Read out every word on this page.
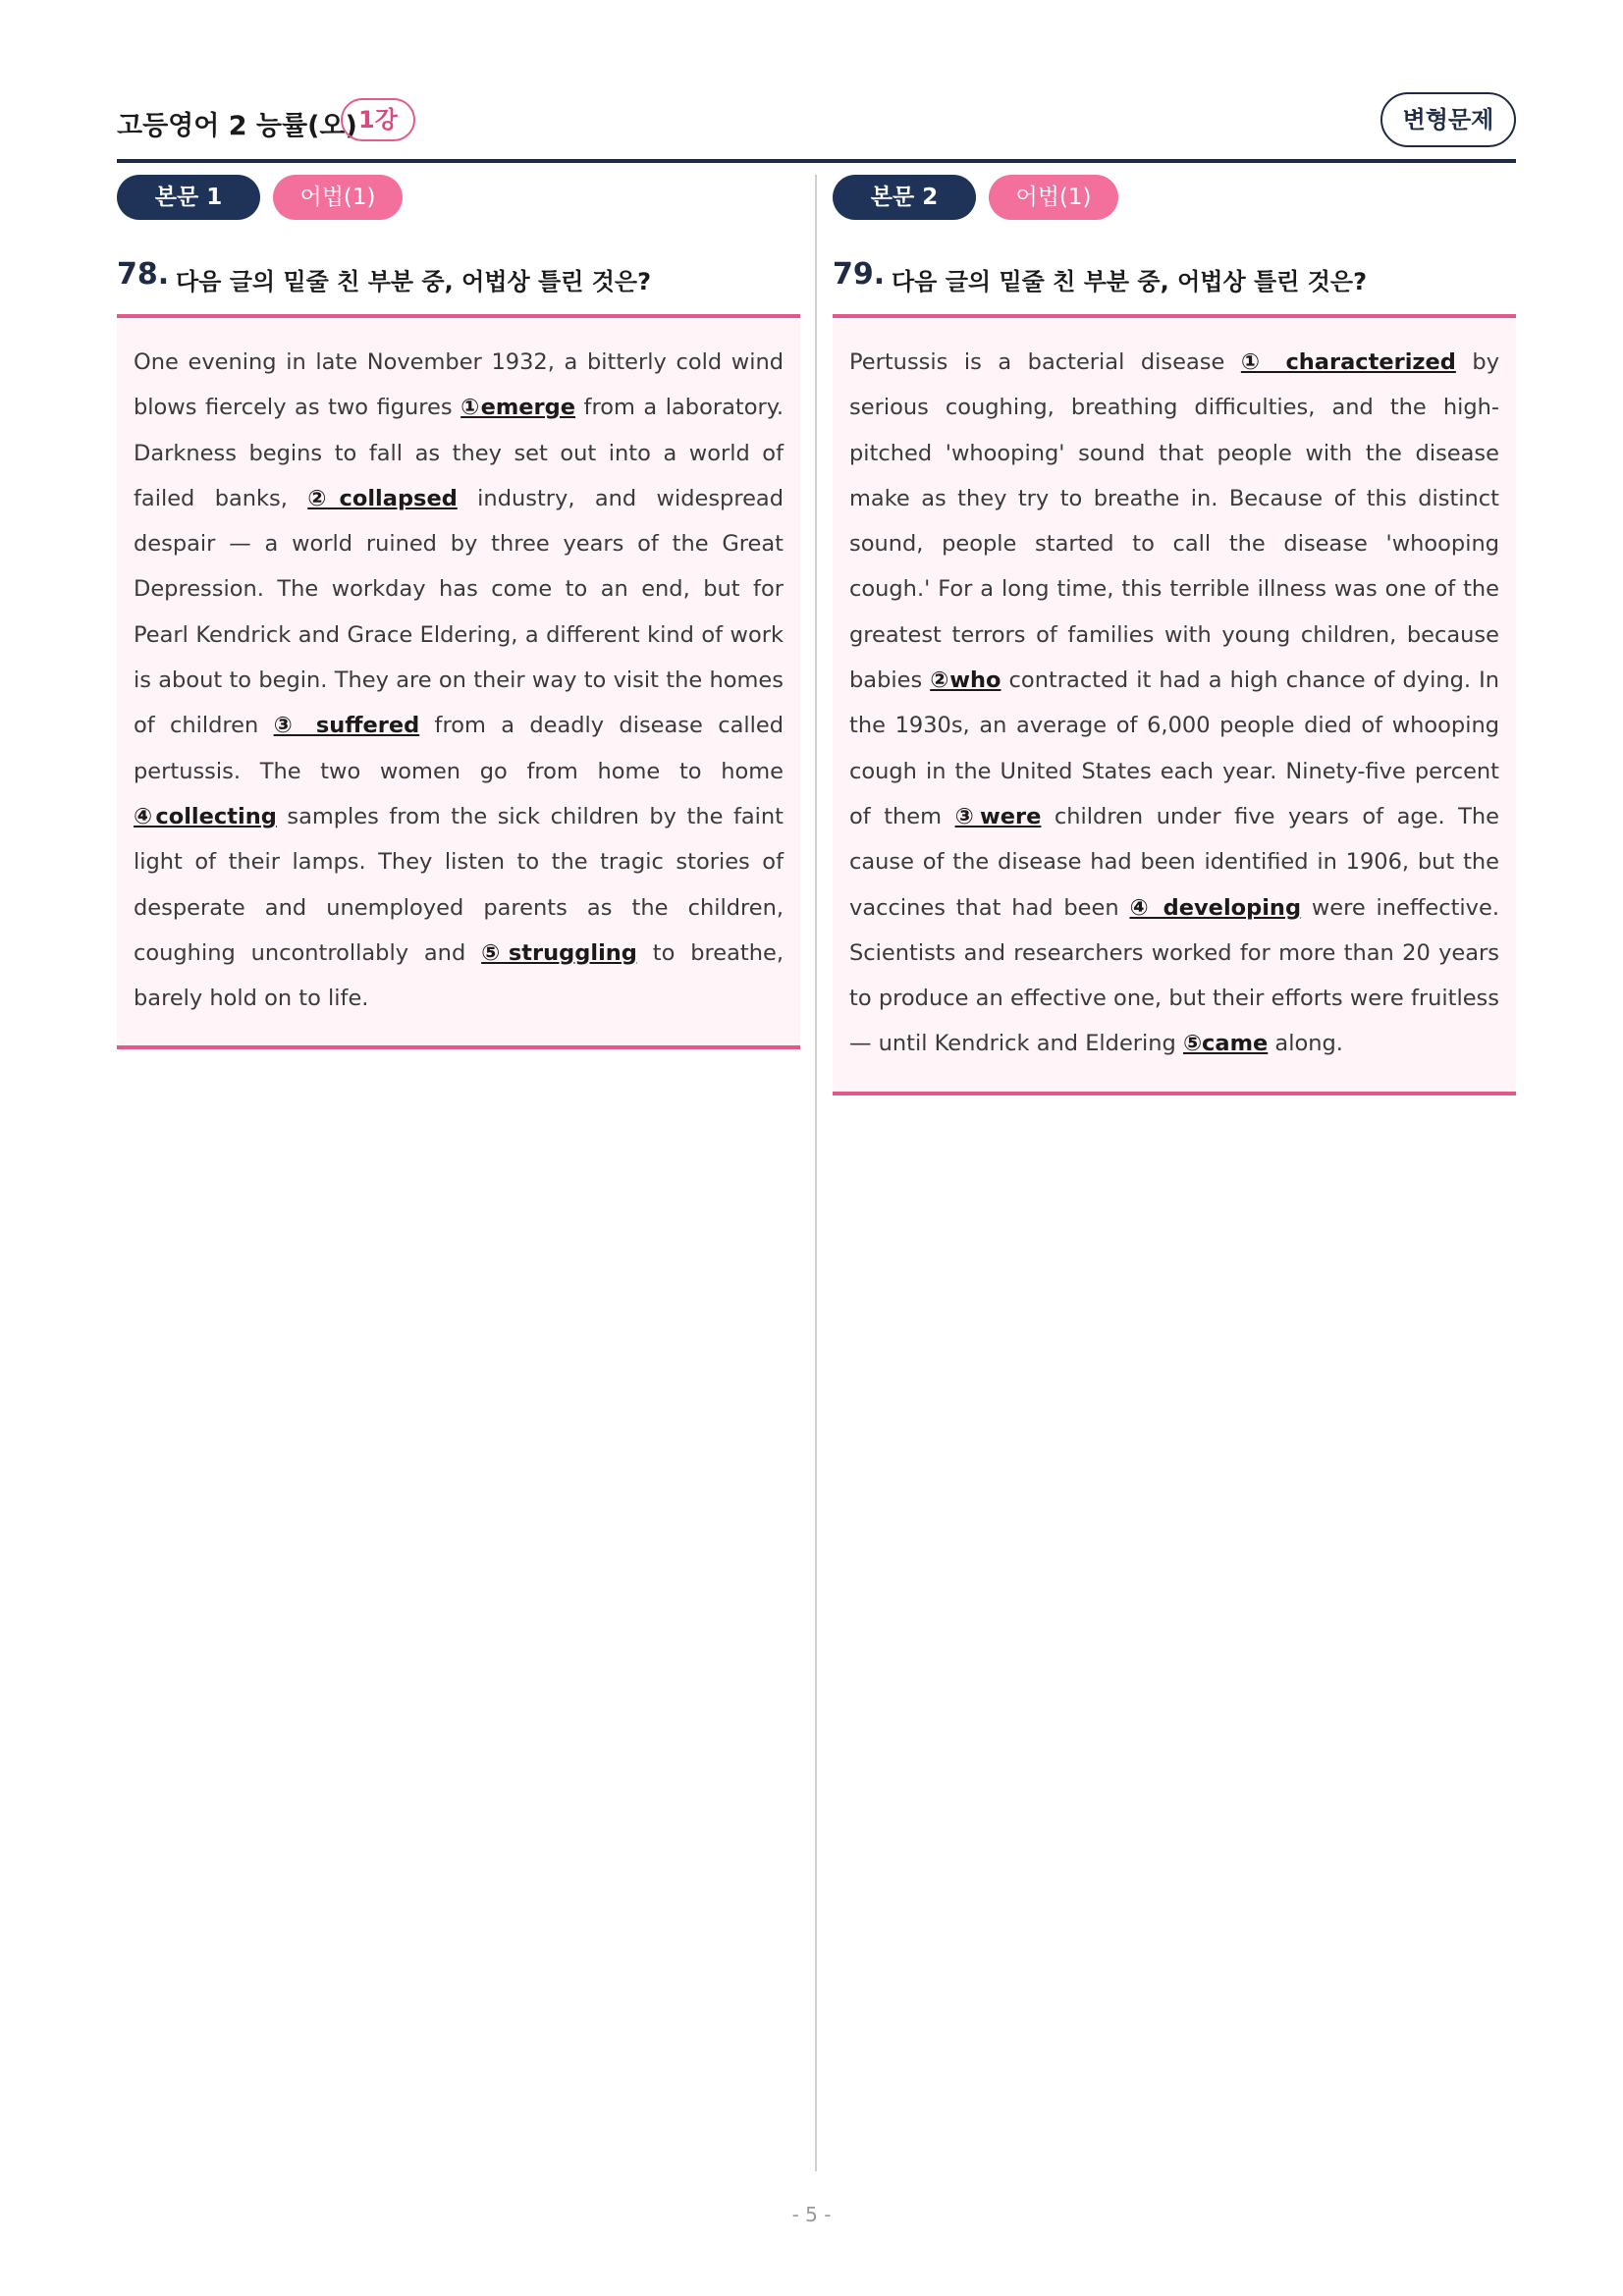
고등영어 2 능률(오) 1강	변형문제
본문 1	어법(1)
78. 다음 글의 밑줄 친 부분 중, 어법상 틀린 것은?
One evening in late November 1932, a bitterly cold wind blows fiercely as two figures ①emerge from a laboratory. Darkness begins to fall as they set out into a world of failed banks, ②collapsed industry, and widespread despair — a world ruined by three years of the Great Depression. The workday has come to an end, but for Pearl Kendrick and Grace Eldering, a different kind of work is about to begin. They are on their way to visit the homes of children ③ suffered from a deadly disease called pertussis. The two women go from home to home ④collecting samples from the sick children by the faint light of their lamps. They listen to the tragic stories of desperate and unemployed parents as the children, coughing uncontrollably and ⑤struggling to breathe, barely hold on to life.
본문 2	어법(1)
79. 다음 글의 밑줄 친 부분 중, 어법상 틀린 것은?
Pertussis is a bacterial disease ① characterized by serious coughing, breathing difficulties, and the high-pitched 'whooping' sound that people with the disease make as they try to breathe in. Because of this distinct sound, people started to call the disease 'whooping cough.' For a long time, this terrible illness was one of the greatest terrors of families with young children, because babies ②who contracted it had a high chance of dying. In the 1930s, an average of 6,000 people died of whooping cough in the United States each year. Ninety-five percent of them ③were children under five years of age. The cause of the disease had been identified in 1906, but the vaccines that had been ④ developing were ineffective. Scientists and researchers worked for more than 20 years to produce an effective one, but their efforts were fruitless — until Kendrick and Eldering ⑤came along.
- 5 -
